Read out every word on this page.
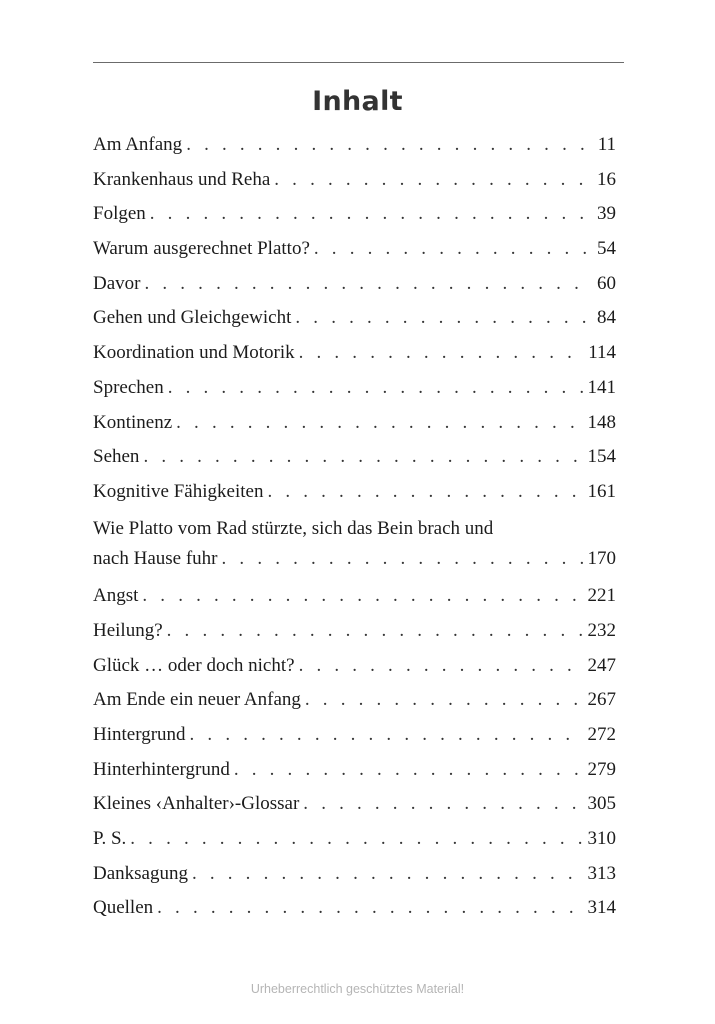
Inhalt
Am Anfang . . .	11
Krankenhaus und Reha . . .	16
Folgen . . .	39
Warum ausgerechnet Platto? . . .	54
Davor . . .	60
Gehen und Gleichgewicht . . .	84
Koordination und Motorik . . .	114
Sprechen . . .	141
Kontinenz . . .	148
Sehen . . .	154
Kognitive Fähigkeiten . . .	161
Wie Platto vom Rad stürzte, sich das Bein brach und
nach Hause fuhr . . .	170
Angst . . .	221
Heilung? . . .	232
Glück … oder doch nicht? . . .	247
Am Ende ein neuer Anfang . . .	267
Hintergrund . . .	272
Hinterhintergrund . . .	279
Kleines ‹Anhalter›-Glossar . . .	305
P. S. . . .	310
Danksagung . . .	313
Quellen . . .	314
Urheberrechtlich geschütztes Material!
